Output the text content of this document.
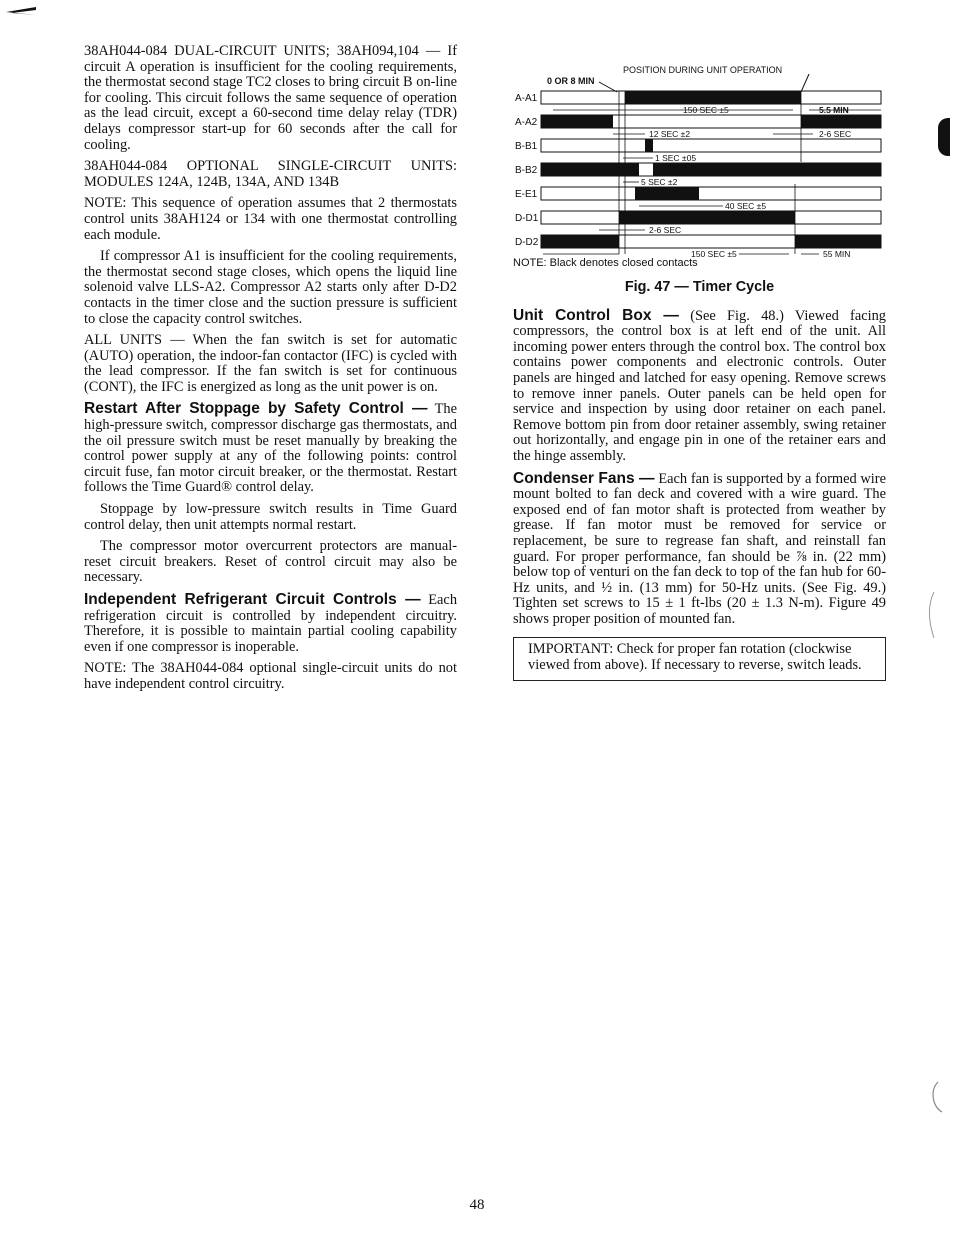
38AH044-084 DUAL-CIRCUIT UNITS; 38AH094,104 — If circuit A operation is insufficient for the cooling requirements, the thermostat second stage TC2 closes to bring circuit B on-line for cooling. This circuit follows the same sequence of operation as the lead circuit, except a 60-second time delay relay (TDR) delays compressor start-up for 60 seconds after the call for cooling.

38AH044-084 OPTIONAL SINGLE-CIRCUIT UNITS: MODULES 124A, 124B, 134A, AND 134B

NOTE: This sequence of operation assumes that 2 thermostats control units 38AH124 or 134 with one thermostat controlling each module.

If compressor A1 is insufficient for the cooling requirements, the thermostat second stage closes, which opens the liquid line solenoid valve LLS-A2. Compressor A2 starts only after D-D2 contacts in the timer close and the suction pressure is sufficient to close the capacity control switches.

ALL UNITS — When the fan switch is set for automatic (AUTO) operation, the indoor-fan contactor (IFC) is cycled with the lead compressor. If the fan switch is set for continuous (CONT), the IFC is energized as long as the unit power is on.

Restart After Stoppage by Safety Control — The high-pressure switch, compressor discharge gas thermostats, and the oil pressure switch must be reset manually by breaking the control power supply at any of the following points: control circuit fuse, fan motor circuit breaker, or the thermostat. Restart follows the Time Guard® control delay.

Stoppage by low-pressure switch results in Time Guard control delay, then unit attempts normal restart.

The compressor motor overcurrent protectors are manual-reset circuit breakers. Reset of control circuit may also be necessary.

Independent Refrigerant Circuit Controls — Each refrigeration circuit is controlled by independent circuitry. Therefore, it is possible to maintain partial cooling capability even if one compressor is inoperable.

NOTE: The 38AH044-084 optional single-circuit units do not have independent control circuitry.

POSITION DURING UNIT OPERATION
0 OR 8 MIN
A-A1
A-A2
B-B1
B-B2
E-E1
D-D1
D-D2
150 SEC ±5	5.5 MIN
12 SEC ±2	2-6 SEC
1 SEC ±05
5 SEC ±2
40 SEC ±5
2-6 SEC
150 SEC ±5	55 MIN
NOTE: Black denotes closed contacts
Fig. 47 — Timer Cycle

Unit Control Box — (See Fig. 48.) Viewed facing compressors, the control box is at left end of the unit. All incoming power enters through the control box. The control box contains power components and electronic controls. Outer panels are hinged and latched for easy opening. Remove screws to remove inner panels. Outer panels can be held open for service and inspection by using door retainer on each panel. Remove bottom pin from door retainer assembly, swing retainer out horizontally, and engage pin in one of the retainer ears and the hinge assembly.

Condenser Fans — Each fan is supported by a formed wire mount bolted to fan deck and covered with a wire guard. The exposed end of fan motor shaft is protected from weather by grease. If fan motor must be removed for service or replacement, be sure to regrease fan shaft, and reinstall fan guard. For proper performance, fan should be ⅞ in. (22 mm) below top of venturi on the fan deck to top of the fan hub for 60-Hz units, and ½ in. (13 mm) for 50-Hz units. (See Fig. 49.) Tighten set screws to 15 ± 1 ft-lbs (20 ± 1.3 N-m). Figure 49 shows proper position of mounted fan.

IMPORTANT: Check for proper fan rotation (clockwise viewed from above). If necessary to reverse, switch leads.
48
